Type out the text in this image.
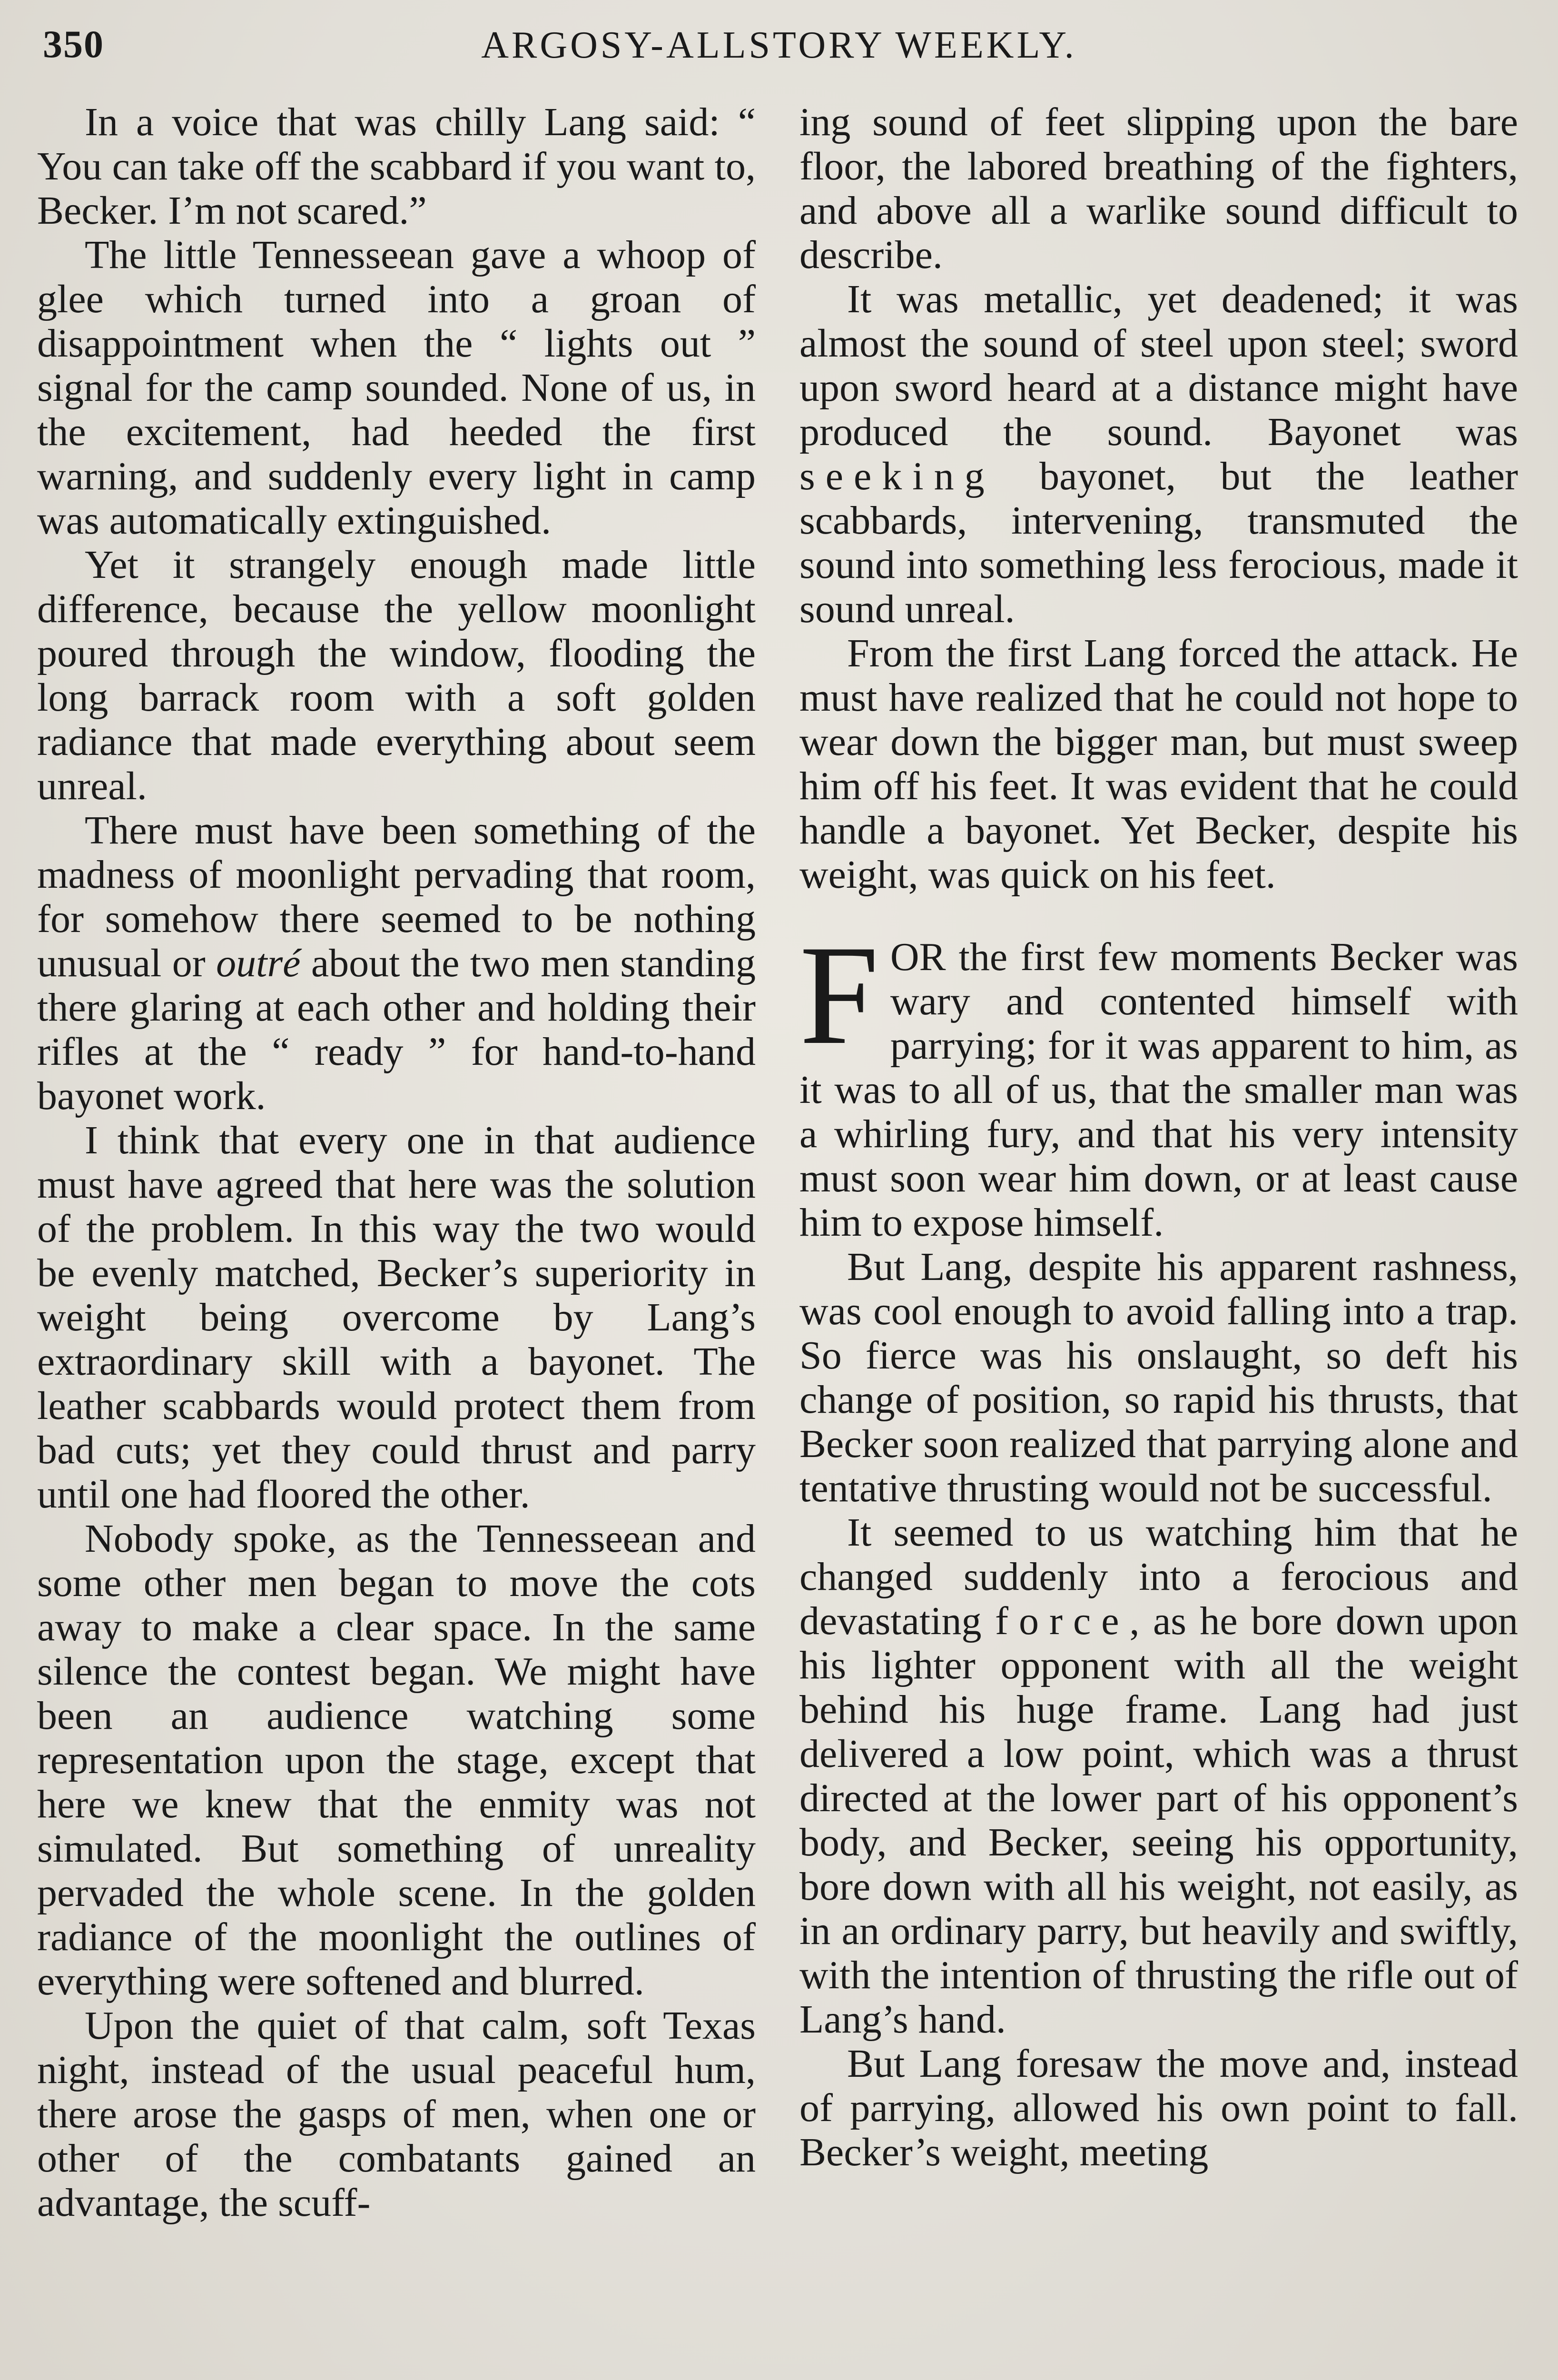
350	ARGOSY-ALLSTORY WEEKLY.

In a voice that was chilly Lang said: “ You can take off the scabbard if you want to, Becker. I’m not scared.”

The little Tennesseean gave a whoop of glee which turned into a groan of disappointment when the “ lights out ” signal for the camp sounded. None of us, in the excitement, had heeded the first warning, and suddenly every light in camp was automatically extinguished.

Yet it strangely enough made little difference, because the yellow moonlight poured through the window, flooding the long barrack room with a soft golden radiance that made everything about seem unreal.

There must have been something of the madness of moonlight pervading that room, for somehow there seemed to be nothing unusual or outré about the two men standing there glaring at each other and holding their rifles at the “ ready ” for hand-to-hand bayonet work.

I think that every one in that audience must have agreed that here was the solution of the problem. In this way the two would be evenly matched, Becker’s superiority in weight being overcome by Lang’s extraordinary skill with a bayonet. The leather scabbards would protect them from bad cuts; yet they could thrust and parry until one had floored the other.

Nobody spoke, as the Tennesseean and some other men began to move the cots away to make a clear space. In the same silence the contest began. We might have been an audience watching some representation upon the stage, except that here we knew that the enmity was not simulated. But something of unreality pervaded the whole scene. In the golden radiance of the moonlight the outlines of everything were softened and blurred.

Upon the quiet of that calm, soft Texas night, instead of the usual peaceful hum, there arose the gasps of men, when one or other of the combatants gained an advantage, the scuff-

ing sound of feet slipping upon the bare floor, the labored breathing of the fighters, and above all a warlike sound difficult to describe.

It was metallic, yet deadened; it was almost the sound of steel upon steel; sword upon sword heard at a distance might have produced the sound. Bayonet was seeking bayonet, but the leather scabbards, intervening, transmuted the sound into something less ferocious, made it sound unreal.

From the first Lang forced the attack. He must have realized that he could not hope to wear down the bigger man, but must sweep him off his feet. It was evident that he could handle a bayonet. Yet Becker, despite his weight, was quick on his feet.

FOR the first few moments Becker was wary and contented himself with parrying; for it was apparent to him, as it was to all of us, that the smaller man was a whirling fury, and that his very intensity must soon wear him down, or at least cause him to expose himself.

But Lang, despite his apparent rashness, was cool enough to avoid falling into a trap. So fierce was his onslaught, so deft his change of position, so rapid his thrusts, that Becker soon realized that parrying alone and tentative thrusting would not be successful.

It seemed to us watching him that he changed suddenly into a ferocious and devastating force, as he bore down upon his lighter opponent with all the weight behind his huge frame. Lang had just delivered a low point, which was a thrust directed at the lower part of his opponent’s body, and Becker, seeing his opportunity, bore down with all his weight, not easily, as in an ordinary parry, but heavily and swiftly, with the intention of thrusting the rifle out of Lang’s hand.

But Lang foresaw the move and, instead of parrying, allowed his own point to fall. Becker’s weight, meeting
